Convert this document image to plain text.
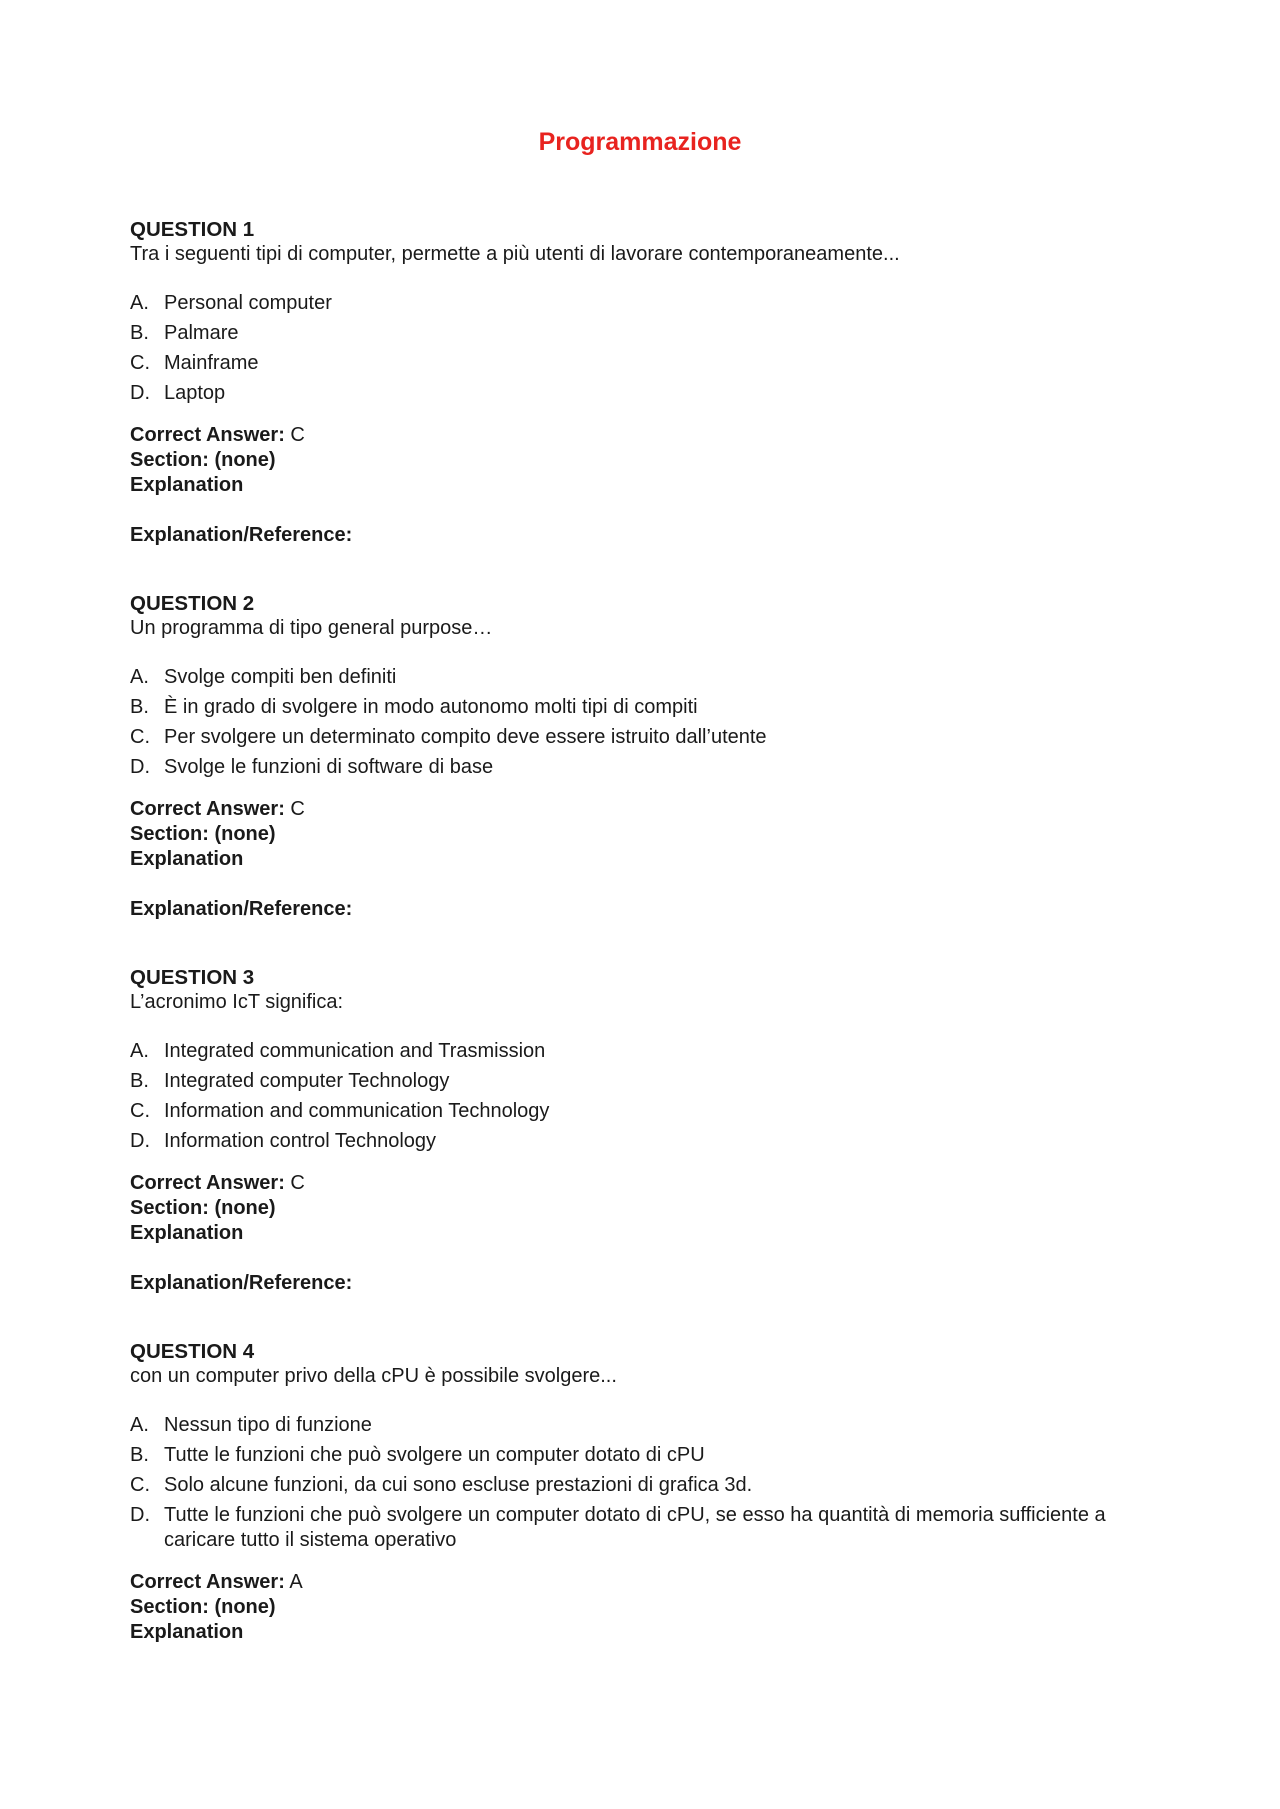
Programmazione
QUESTION 1
Tra i seguenti tipi di computer, permette a più utenti di lavorare contemporaneamente...
A. Personal computer
B. Palmare
C. Mainframe
D. Laptop
Correct Answer: C
Section: (none)
Explanation
Explanation/Reference:
QUESTION 2
Un programma di tipo general purpose…
A. Svolge compiti ben definiti
B. È in grado di svolgere in modo autonomo molti tipi di compiti
C. Per svolgere un determinato compito deve essere istruito dall’utente
D. Svolge le funzioni di software di base
Correct Answer: C
Section: (none)
Explanation
Explanation/Reference:
QUESTION 3
L’acronimo IcT significa:
A. Integrated communication and Trasmission
B. Integrated computer Technology
C. Information and communication Technology
D. Information control Technology
Correct Answer: C
Section: (none)
Explanation
Explanation/Reference:
QUESTION 4
con un computer privo della cPU è possibile svolgere...
A. Nessun tipo di funzione
B. Tutte le funzioni che può svolgere un computer dotato di cPU
C. Solo alcune funzioni, da cui sono escluse prestazioni di grafica 3d.
D. Tutte le funzioni che può svolgere un computer dotato di cPU, se esso ha quantità di memoria sufficiente a caricare tutto il sistema operativo
Correct Answer: A
Section: (none)
Explanation
